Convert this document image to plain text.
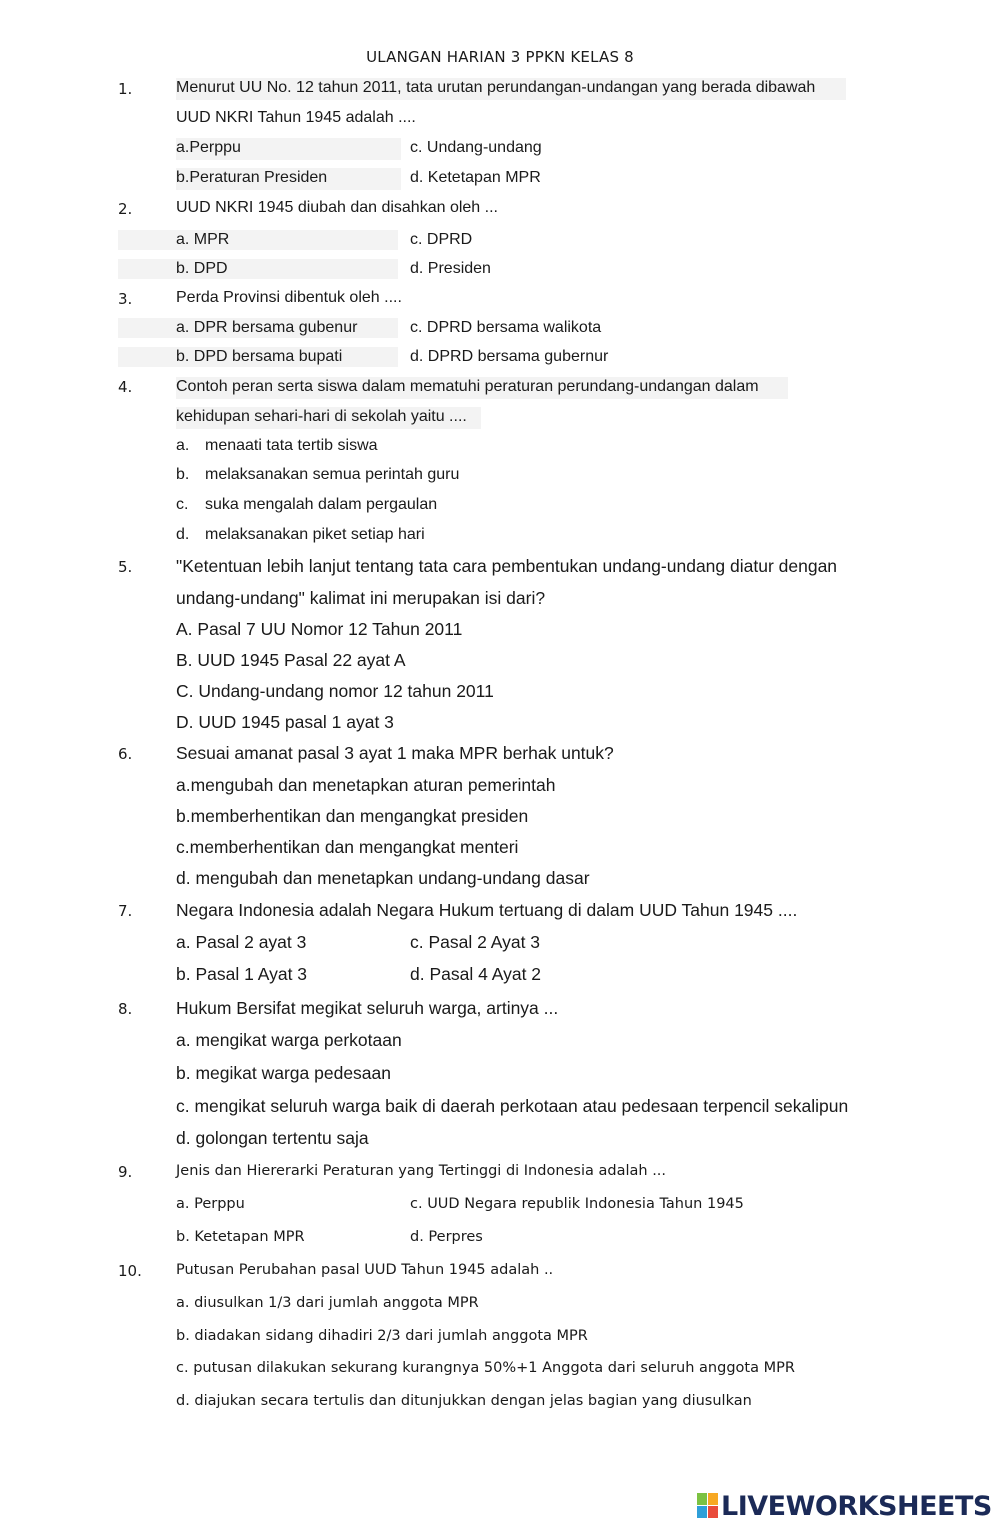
ULANGAN HARIAN 3 PPKN KELAS 8
1.	Menurut UU No. 12 tahun 2011, tata urutan perundangan-undangan yang berada dibawah
UUD NKRI Tahun 1945 adalah ....
a.Perppu	c. Undang-undang
b.Peraturan Presiden	d. Ketetapan MPR
2.	UUD NKRI 1945 diubah dan disahkan oleh ...
a. MPR	c. DPRD
b. DPD	d. Presiden
3.	Perda Provinsi dibentuk oleh ....
a. DPR bersama gubenur	c. DPRD bersama walikota
b. DPD bersama bupati	d. DPRD bersama gubernur
4.	Contoh peran serta siswa dalam mematuhi peraturan perundang-undangan dalam
kehidupan sehari-hari di sekolah yaitu ....
a. menaati tata tertib siswa
b. melaksanakan semua perintah guru
c. suka mengalah dalam pergaulan
d. melaksanakan piket setiap hari
5. "Ketentuan lebih lanjut tentang tata cara pembentukan undang-undang diatur dengan
undang-undang" kalimat ini merupakan isi dari?
A. Pasal 7 UU Nomor 12 Tahun 2011
B. UUD 1945 Pasal 22 ayat A
C. Undang-undang nomor 12 tahun 2011
D. UUD 1945 pasal 1 ayat 3
6. Sesuai amanat pasal 3 ayat 1 maka MPR berhak untuk?
a.mengubah dan menetapkan aturan pemerintah
b.memberhentikan dan mengangkat presiden
c.memberhentikan dan mengangkat menteri
d. mengubah dan menetapkan undang-undang dasar
7. Negara Indonesia adalah Negara Hukum tertuang di dalam UUD Tahun 1945 ....
a. Pasal 2 ayat 3	c. Pasal 2 Ayat 3
b. Pasal 1 Ayat 3	d. Pasal 4 Ayat 2
8. Hukum Bersifat megikat seluruh warga, artinya ...
a. mengikat warga perkotaan
b. megikat warga pedesaan
c. mengikat seluruh warga baik di daerah perkotaan atau pedesaan terpencil sekalipun
d. golongan tertentu saja
9.	Jenis dan Hiererarki Peraturan yang Tertinggi di Indonesia adalah ...
a. Perppu	c. UUD Negara republik Indonesia Tahun 1945
b. Ketetapan MPR	d. Perpres
10. Putusan Perubahan pasal UUD Tahun 1945 adalah ..
a. diusulkan 1/3 dari jumlah anggota MPR
b. diadakan sidang dihadiri 2/3 dari jumlah anggota MPR
c. putusan dilakukan sekurang kurangnya 50%+1 Anggota dari seluruh anggota MPR
d. diajukan secara tertulis dan ditunjukkan dengan jelas bagian yang diusulkan
LIVEWORKSHEETS
